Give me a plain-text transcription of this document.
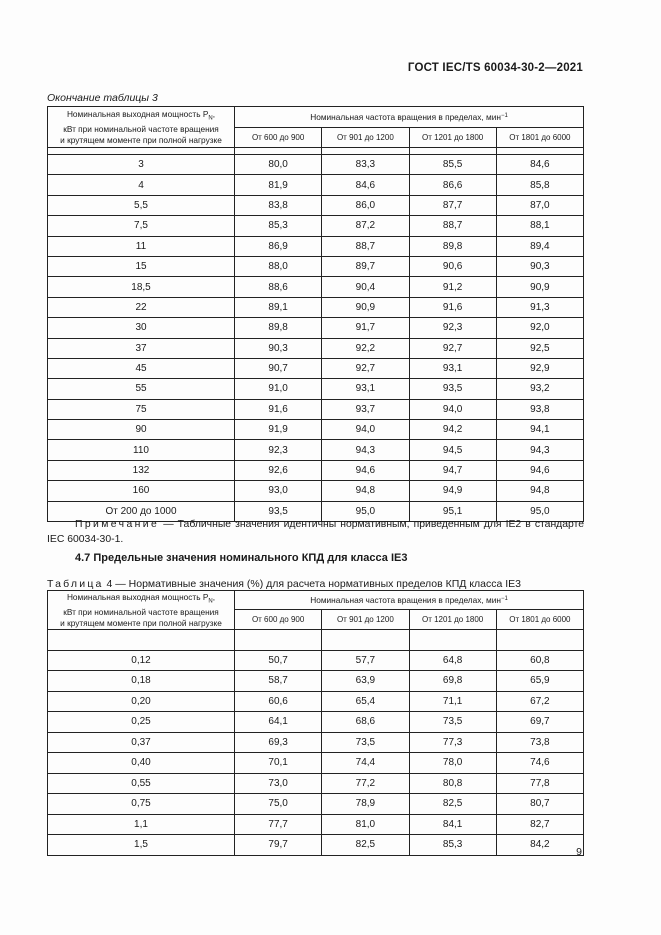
ГОСТ IEC/TS 60034-30-2—2021
Окончание таблицы 3
Номинальная выходная мощность $P_N$,
кВт при номинальной частоте вращения
и крутящем моменте при полной нагрузке	Номинальная частота вращения в пределах, мин$^{-1}$
	От 600 до 900	От 901 до 1200	От 1201 до 1800	От 1801 до 6000

3	80,0	83,3	85,5	84,6
4	81,9	84,6	86,6	85,8
5,5	83,8	86,0	87,7	87,0
7,5	85,3	87,2	88,7	88,1
11	86,9	88,7	89,8	89,4
15	88,0	89,7	90,6	90,3
18,5	88,6	90,4	91,2	90,9
22	89,1	90,9	91,6	91,3
30	89,8	91,7	92,3	92,0
37	90,3	92,2	92,7	92,5
45	90,7	92,7	93,1	92,9
55	91,0	93,1	93,5	93,2
75	91,6	93,7	94,0	93,8
90	91,9	94,0	94,2	94,1
110	92,3	94,3	94,5	94,3
132	92,6	94,6	94,7	94,6
160	93,0	94,8	94,9	94,8
От 200 до 1000	93,5	95,0	95,1	95,0
Примечание — Табличные значения идентичны нормативным, приведенным для IE2 в стандарте IEC 60034-30-1.
4.7 Предельные значения номинального КПД для класса IE3
Таблица 4 — Нормативные значения (%) для расчета нормативных пределов КПД класса IE3
Номинальная выходная мощность $P_N$,
кВт при номинальной частоте вращения
и крутящем моменте при полной нагрузке	Номинальная частота вращения в пределах, мин$^{-1}$
	От 600 до 900	От 901 до 1200	От 1201 до 1800	От 1801 до 6000

0,12	50,7	57,7	64,8	60,8
0,18	58,7	63,9	69,8	65,9
0,20	60,6	65,4	71,1	67,2
0,25	64,1	68,6	73,5	69,7
0,37	69,3	73,5	77,3	73,8
0,40	70,1	74,4	78,0	74,6
0,55	73,0	77,2	80,8	77,8
0,75	75,0	78,9	82,5	80,7
1,1	77,7	81,0	84,1	82,7
1,5	79,7	82,5	85,3	84,2
9
